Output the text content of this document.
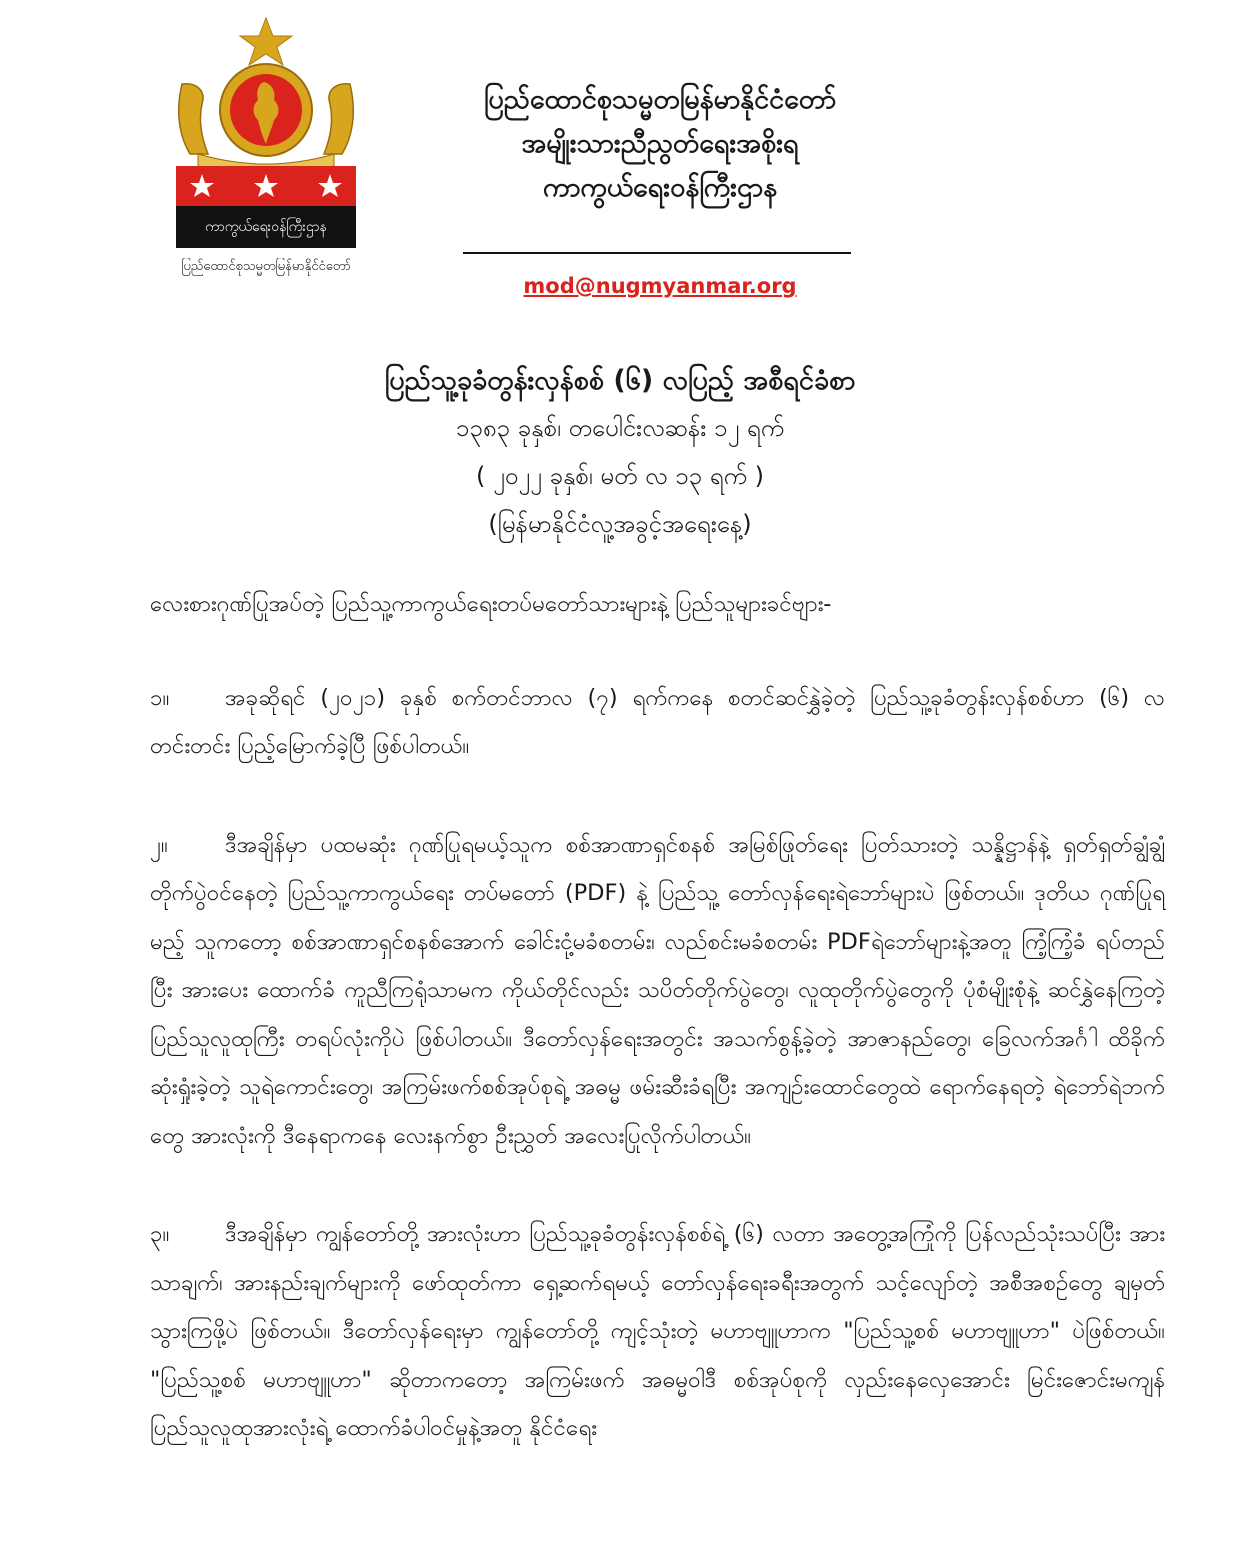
ကာကွယ်ရေးဝန်ကြီးဌာန
ပြည်ထောင်စုသမ္မတမြန်မာနိုင်ငံတော်
ပြည်ထောင်စုသမ္မတမြန်မာနိုင်ငံတော်
အမျိုးသားညီညွတ်ရေးအစိုးရ
ကာကွယ်ရေးဝန်ကြီးဌာန
mod@nugmyanmar.org
ပြည်သူ့ခုခံတွန်းလှန်စစ် (၆) လပြည့် အစီရင်ခံစာ
၁၃၈၃ ခုနှစ်၊ တပေါင်းလဆန်း ၁၂ ရက်
( ၂၀၂၂ ခုနှစ်၊ မတ် လ ၁၃ ရက် )
(မြန်မာနိုင်ငံလူ့အခွင့်အရေးနေ့)

လေးစားဂုဏ်ပြုအပ်တဲ့ ပြည်သူ့ကာကွယ်ရေးတပ်မတော်သားများနဲ့ ပြည်သူများခင်ဗျား-

၁။ အခုဆိုရင် (၂၀၂၁) ခုနှစ် စက်တင်ဘာလ (၇) ရက်ကနေ စတင်ဆင်နွှဲခဲ့တဲ့ ပြည်သူ့ခုခံတွန်းလှန်စစ်ဟာ (၆) လ တင်းတင်း ပြည့်မြောက်ခဲ့ပြီ ဖြစ်ပါတယ်။

၂။	ဒီအချိန်မှာ ပထမဆုံး ဂုဏ်ပြုရမယ့်သူက စစ်အာဏာရှင်စနစ် အမြစ်ဖြုတ်ရေး ပြတ်သားတဲ့ သန္နိဋ္ဌာန်နဲ့ ရှတ်ရှတ်ချွံချွံ တိုက်ပွဲဝင်နေတဲ့ ပြည်သူ့ကာကွယ်ရေး တပ်မတော် (PDF) နဲ့ ပြည်သူ့ တော်လှန်ရေးရဲဘော်များပဲ ဖြစ်တယ်။ ဒုတိယ ဂုဏ်ပြုရမည့် သူကတော့ စစ်အာဏာရှင်စနစ်အောက် ခေါင်းငုံ့မခံစတမ်း၊ လည်စင်းမခံစတမ်း PDFရဲဘော်များနဲ့အတူ ကြံ့ကြံ့ခံ ရပ်တည်ပြီး အားပေး ထောက်ခံ ကူညီကြရုံသာမက ကိုယ်တိုင်လည်း သပိတ်တိုက်ပွဲတွေ၊ လူထုတိုက်ပွဲတွေကို ပုံစံမျိုးစုံနဲ့ ဆင်နွှဲနေကြတဲ့ ပြည်သူလူထုကြီး တရပ်လုံးကိုပဲ ဖြစ်ပါတယ်။ ဒီတော်လှန်ရေးအတွင်း အသက်စွန့်ခဲ့တဲ့ အာဇာနည်တွေ၊ ခြေလက်အင်္ဂါ ထိခိုက်ဆုံးရှုံးခဲ့တဲ့ သူရဲကောင်းတွေ၊ အကြမ်းဖက်စစ်အုပ်စုရဲ့ အဓမ္မ ဖမ်းဆီးခံရပြီး အကျဉ်းထောင်တွေထဲ ရောက်နေရတဲ့ ရဲဘော်ရဲဘက် တွေ အားလုံးကို ဒီနေရာကနေ လေးနက်စွာ ဦးညွှတ် အလေးပြုလိုက်ပါတယ်။

၃။ ဒီအချိန်မှာ ကျွန်တော်တို့ အားလုံးဟာ ပြည်သူ့ခုခံတွန်းလှန်စစ်ရဲ့ (၆) လတာ အတွေ့အကြုံကို ပြန်လည်သုံးသပ်ပြီး အားသာချက်၊ အားနည်းချက်များကို ဖော်ထုတ်ကာ ရှေ့ဆက်ရမယ့် တော်လှန်ရေးခရီးအတွက် သင့်လျော်တဲ့ အစီအစဉ်တွေ ချမှတ်သွားကြဖို့ပဲ ဖြစ်တယ်။ ဒီတော်လှန်ရေးမှာ ကျွန်တော်တို့ ကျင့်သုံးတဲ့ မဟာဗျူဟာက "ပြည်သူ့စစ် မဟာဗျူဟာ" ပဲဖြစ်တယ်။ "ပြည်သူ့စစ် မဟာဗျူဟာ" ဆိုတာကတော့ အကြမ်းဖက် အဓမ္မဝါဒီ စစ်အုပ်စုကို လှည်းနေလှေအောင်း မြင်းဇောင်းမကျန် ပြည်သူလူထုအားလုံးရဲ့ ထောက်ခံပါဝင်မှုနဲ့အတူ နိုင်ငံရေး
